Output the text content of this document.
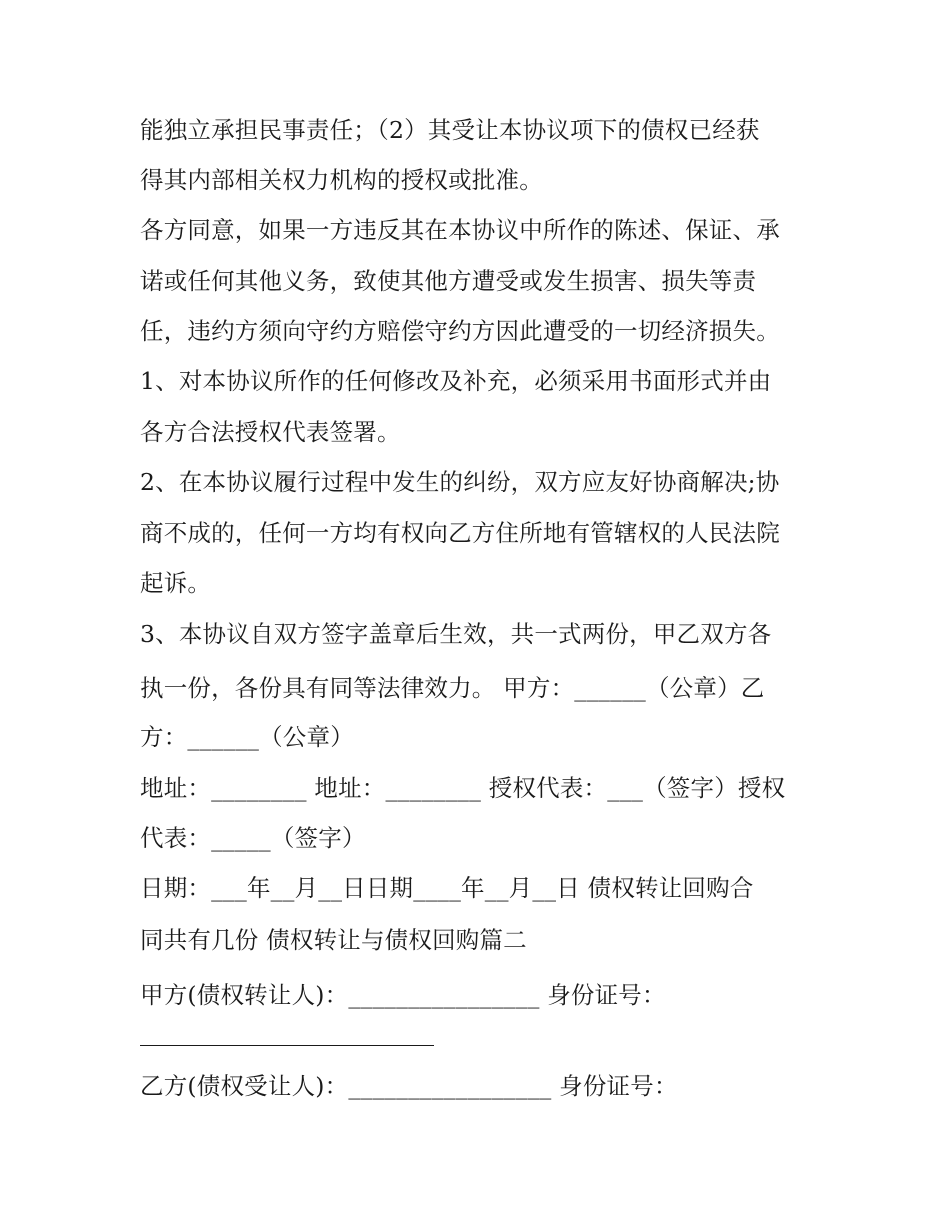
能独立承担民事责任；（2）其受让本协议项下的债权已经获

得其内部相关权力机构的授权或批准。

各方同意，如果一方违反其在本协议中所作的陈述、保证、承

诺或任何其他义务，致使其他方遭受或发生损害、损失等责

任，违约方须向守约方赔偿守约方因此遭受的一切经济损失。

1、对本协议所作的任何修改及补充，必须采用书面形式并由

各方合法授权代表签署。

2、在本协议履行过程中发生的纠纷，双方应友好协商解决;协

商不成的，任何一方均有权向乙方住所地有管辖权的人民法院

起诉。

3、本协议自双方签字盖章后生效，共一式两份，甲乙双方各

执一份，各份具有同等法律效力。 甲方：______（公章）乙

方：______（公章）

地址：________ 地址：________ 授权代表：___（签字）授权

代表：_____（签字）

日期：___年__月__日日期____年__月__日 债权转让回购合

同共有几份 债权转让与债权回购篇二

甲方(债权转让人)：________________ 身份证号：

乙方(债权受让人)：_________________ 身份证号：
